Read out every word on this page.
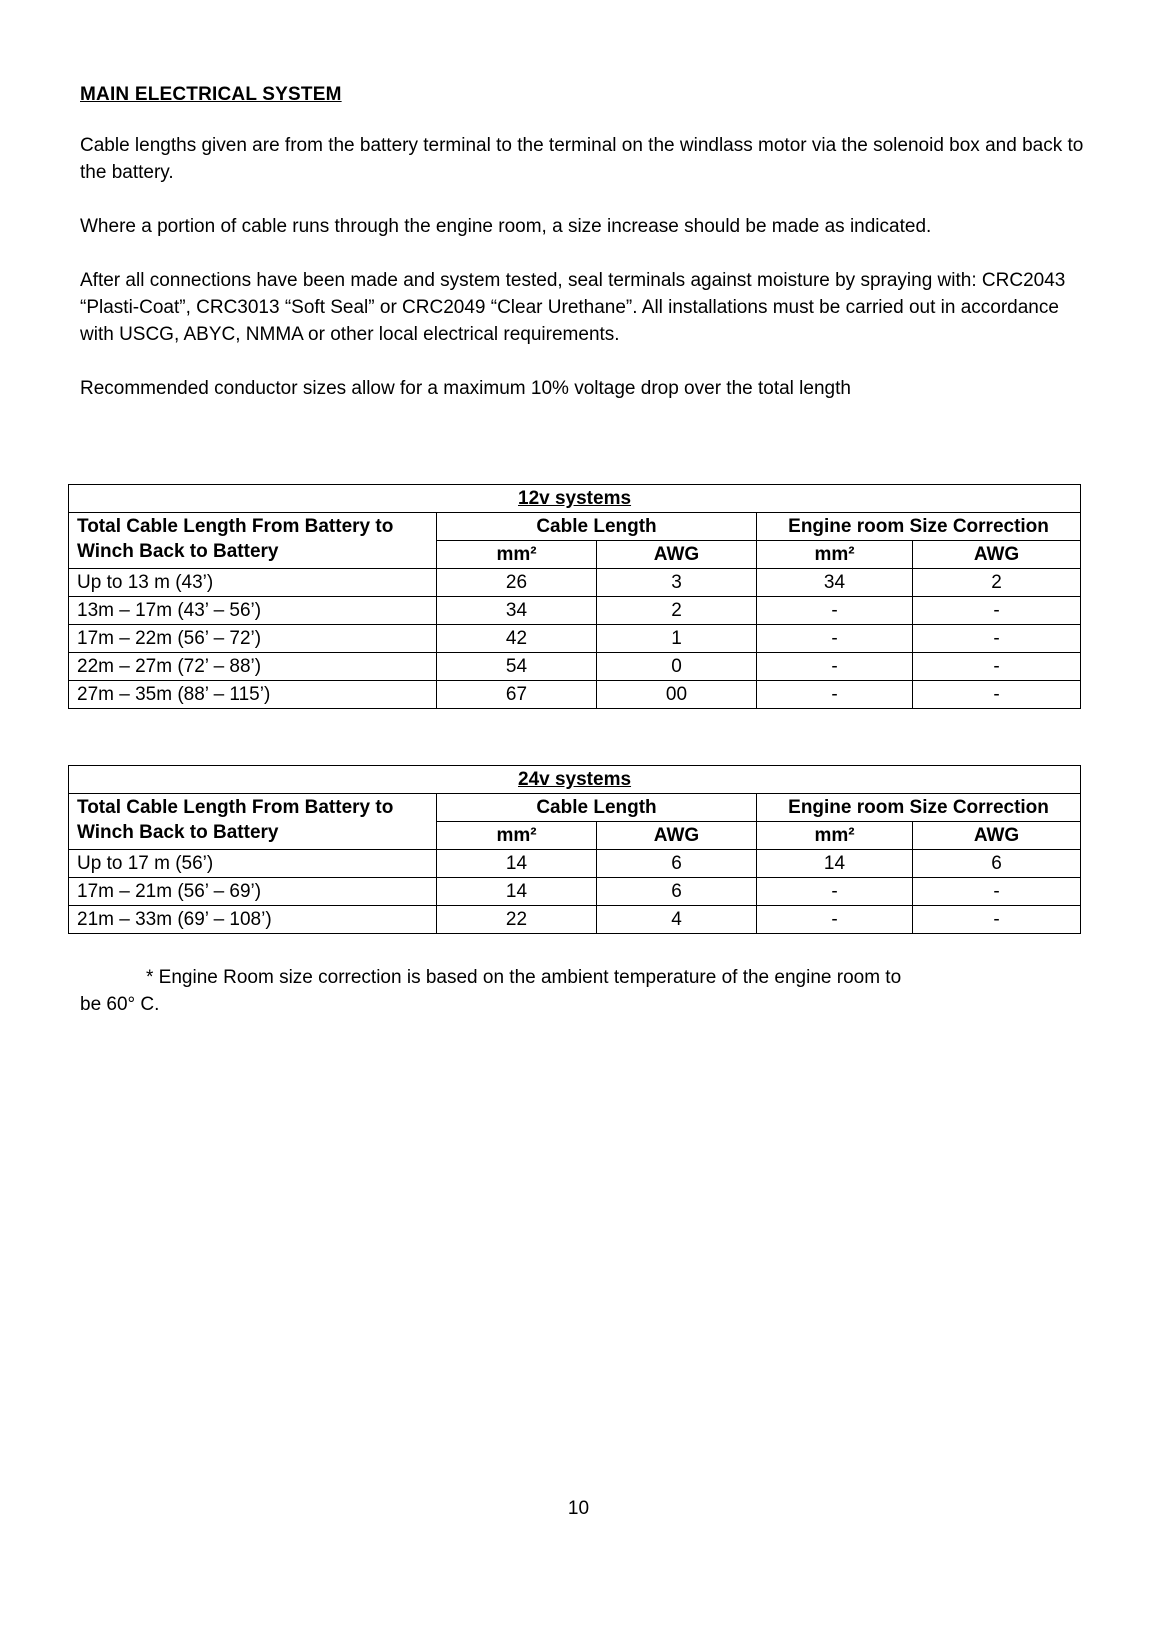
MAIN ELECTRICAL SYSTEM

Cable lengths given are from the battery terminal to the terminal on the windlass motor via the solenoid box and back to the battery.

Where a portion of cable runs through the engine room, a size increase should be made as indicated.

After all connections have been made and system tested, seal terminals against moisture by spraying with: CRC2043 “Plasti-Coat”, CRC3013 “Soft Seal” or CRC2049 “Clear Urethane”. All installations must be carried out in accordance with USCG, ABYC, NMMA or other local electrical requirements.

Recommended conductor sizes allow for a maximum 10% voltage drop over the total length

12v systems				
Total Cable Length From Battery to Winch Back to Battery	Cable Length		Engine room Size Correction	
	mm²	AWG	mm²	AWG
Up to 13 m (43’)	26	3	34	2
13m – 17m (43’ – 56’)	34	2	-	-
17m – 22m (56’ – 72’)	42	1	-	-
22m – 27m (72’ – 88’)	54	0	-	-
27m – 35m (88’ – 115’)	67	00	-	-
24v systems				
Total Cable Length From Battery to Winch Back to Battery	Cable Length		Engine room Size Correction	
	mm²	AWG	mm²	AWG
Up to 17 m (56’)	14	6	14	6
17m – 21m (56’ – 69’)	14	6	-	-
21m – 33m (69’ – 108’)	22	4	-	-
* Engine Room size correction is based on the ambient temperature of the engine room to
be 60° C.
10
